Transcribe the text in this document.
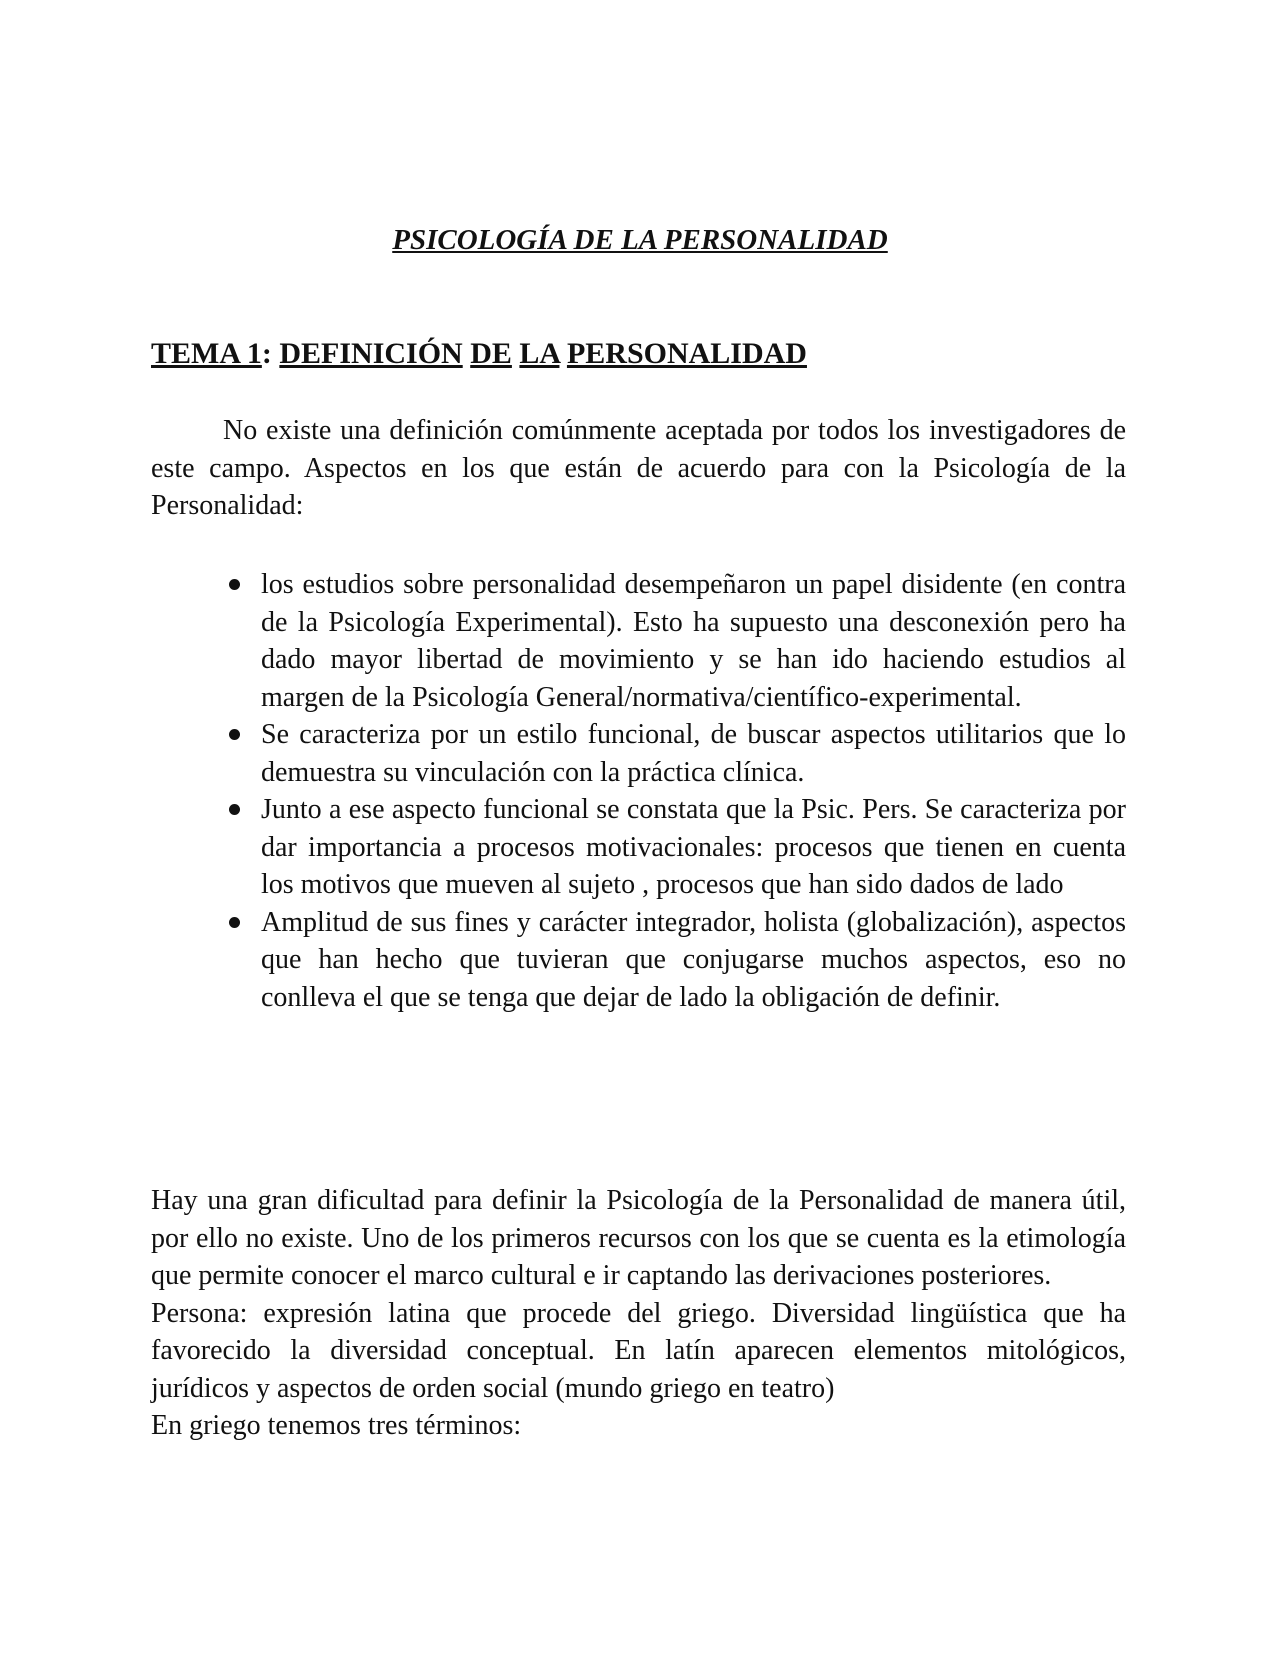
PSICOLOGÍA DE LA PERSONALIDAD
TEMA 1: DEFINICIÓN DE LA PERSONALIDAD

No existe una definición comúnmente aceptada por todos los investigadores de este campo. Aspectos en los que están de acuerdo para con la Psicología de la Personalidad:

los estudios sobre personalidad desempeñaron un papel disidente (en contra de la Psicología Experimental). Esto ha supuesto una desconexión pero ha dado mayor libertad de movimiento y se han ido haciendo estudios al margen de la Psicología General/normativa/científico-experimental.
Se caracteriza por un estilo funcional, de buscar aspectos utilitarios que lo demuestra su vinculación con la práctica clínica.
Junto a ese aspecto funcional se constata que la Psic. Pers. Se caracteriza por dar importancia a procesos motivacionales: procesos que tienen en cuenta los motivos que mueven al sujeto , procesos que han sido dados de lado
Amplitud de sus fines y carácter integrador, holista (globalización), aspectos que han hecho que tuvieran que conjugarse muchos aspectos, eso no conlleva el que se tenga que dejar de lado la obligación de definir.

Hay una gran dificultad para definir la Psicología de la Personalidad de manera útil, por ello no existe. Uno de los primeros recursos con los que se cuenta es la etimología que permite conocer el marco cultural e ir captando las derivaciones posteriores.

Persona: expresión latina que procede del griego. Diversidad lingüística que ha favorecido la diversidad conceptual. En latín aparecen elementos mitológicos, jurídicos y aspectos de orden social (mundo griego en teatro)

En griego tenemos tres términos:
